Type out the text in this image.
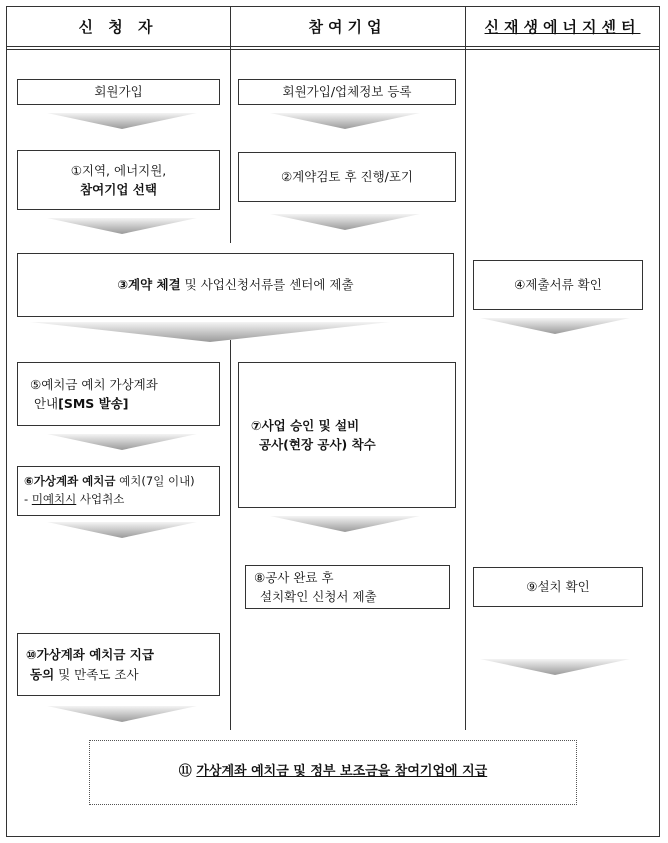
신 청 자	참여기업	신재생에너지센터
회원가입	회원가입/업체정보 등록
①지역, 에너지원,
참여기업 선택
②계약검토 후 진행/포기
③계약 체결 및 사업신청서류를 센터에 제출	④제출서류 확인
⑤예치금 예치 가상계좌
안내[SMS 발송]
⑦사업 승인 및 설비
공사(현장 공사) 착수
⑥가상계좌 예치금 예치(7일 이내)
- 미예치시 사업취소
⑧공사 완료 후
설치확인 신청서 제출
⑨설치 확인
⑩가상계좌 예치금 지급
동의 및 만족도 조사
⑪ 가상계좌 예치금 및 정부 보조금을 참여기업에 지급
